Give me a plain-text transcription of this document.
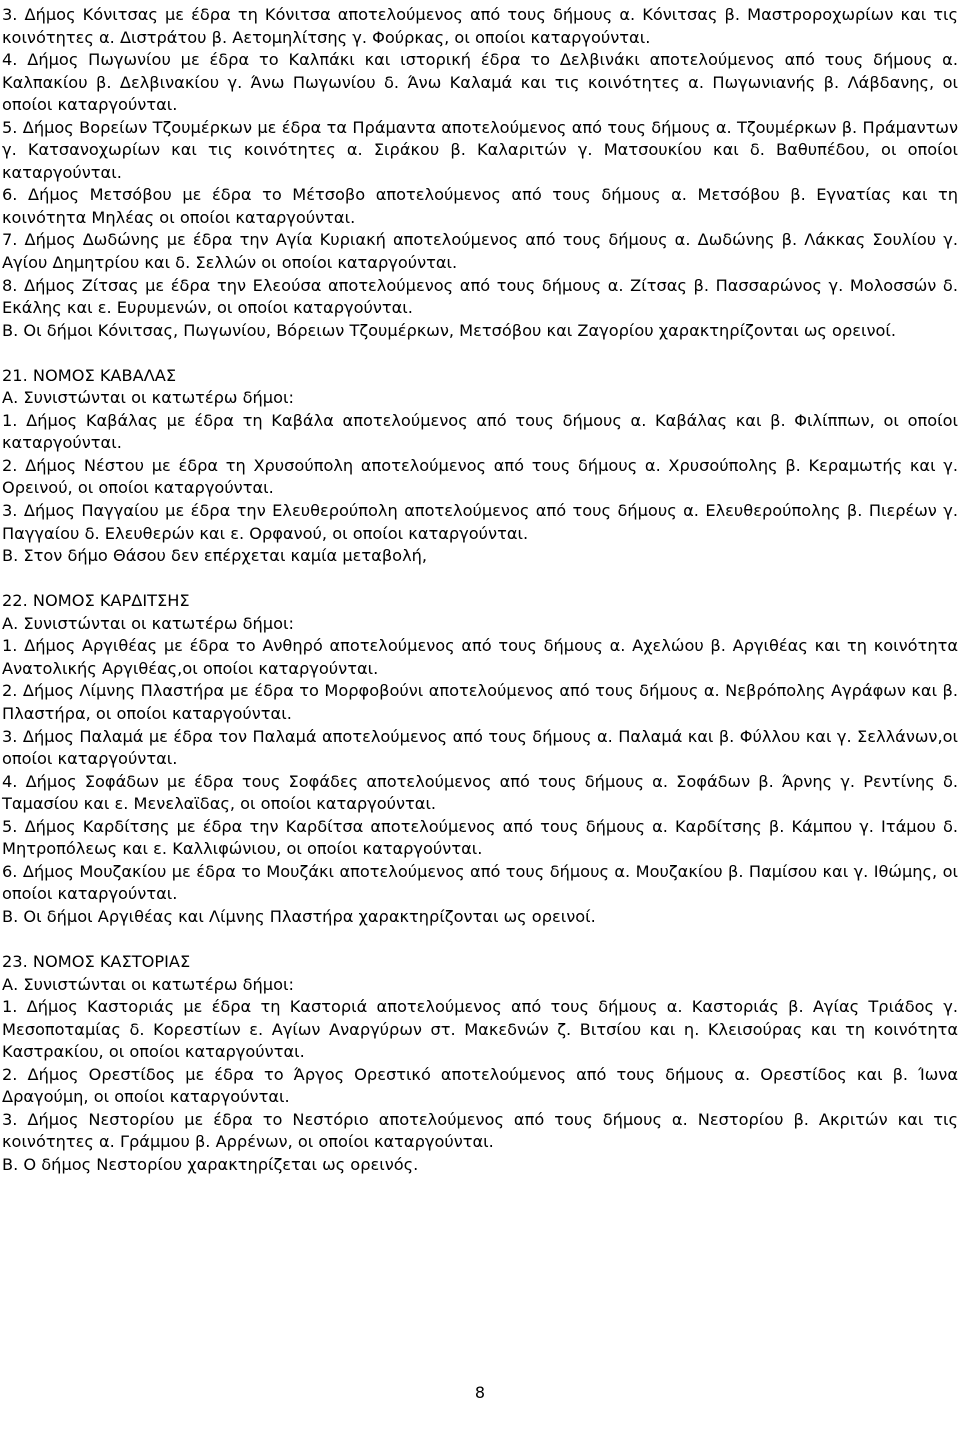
3. Δήμος Κόνιτσας με έδρα τη Κόνιτσα αποτελούμενος από τους δήμους α. Κόνιτσας β. Μαστροροχωρίων και τις κοινότητες α. Διστράτου β. Αετομηλίτσης γ. Φούρκας, οι οποίοι καταργούνται.
4. Δήμος Πωγωνίου με έδρα το Καλπάκι και ιστορική έδρα το Δελβινάκι αποτελούμενος από τους δήμους α. Καλπακίου β. Δελβινακίου γ. Άνω Πωγωνίου δ. Άνω Καλαμά και τις κοινότητες α. Πωγωνιανής β. Λάβδανης, οι οποίοι καταργούνται.
5. Δήμος Βορείων Τζουμέρκων με έδρα τα Πράμαντα αποτελούμενος από τους δήμους α. Τζουμέρκων β. Πράμαντων γ. Κατσανοχωρίων και τις κοινότητες α. Σιράκου β. Καλαριτών γ. Ματσουκίου και δ. Βαθυπέδου, οι οποίοι καταργούνται.
6. Δήμος Μετσόβου με έδρα το Μέτσοβο αποτελούμενος από τους δήμους α. Μετσόβου β. Εγνατίας και τη κοινότητα Μηλέας οι οποίοι καταργούνται.
7. Δήμος Δωδώνης με έδρα την Αγία Κυριακή αποτελούμενος από τους δήμους α. Δωδώνης β. Λάκκας Σουλίου γ. Αγίου Δημητρίου και δ. Σελλών οι οποίοι καταργούνται.
8. Δήμος Ζίτσας με έδρα την Ελεούσα αποτελούμενος από τους δήμους α. Ζίτσας β. Πασσαρώνος γ. Μολοσσών δ. Εκάλης και ε. Ευρυμενών, οι οποίοι καταργούνται.
Β. Οι δήμοι Κόνιτσας, Πωγωνίου, Βόρειων Τζουμέρκων, Μετσόβου και Ζαγορίου χαρακτηρίζονται ως ορεινοί.
21. ΝΟΜΟΣ ΚΑΒΑΛΑΣ
Α. Συνιστώνται οι κατωτέρω δήμοι:
1. Δήμος Καβάλας με έδρα τη Καβάλα αποτελούμενος από τους δήμους α. Καβάλας και β. Φιλίππων, οι οποίοι καταργούνται.
2. Δήμος Νέστου με έδρα τη Χρυσούπολη αποτελούμενος από τους δήμους α. Χρυσούπολης β. Κεραμωτής και γ. Ορεινού, οι οποίοι καταργούνται.
3. Δήμος Παγγαίου με έδρα την Ελευθερούπολη αποτελούμενος από τους δήμους α. Ελευθερούπολης β. Πιερέων γ. Παγγαίου δ. Ελευθερών και ε. Ορφανού, οι οποίοι καταργούνται.
Β. Στον δήμο Θάσου δεν επέρχεται καμία μεταβολή,
22. ΝΟΜΟΣ ΚΑΡΔΙΤΣΗΣ
Α. Συνιστώνται οι κατωτέρω δήμοι:
1. Δήμος Αργιθέας με έδρα το Ανθηρό αποτελούμενος από τους δήμους α. Αχελώου β. Αργιθέας και τη κοινότητα Ανατολικής Αργιθέας,οι οποίοι καταργούνται.
2. Δήμος Λίμνης Πλαστήρα με έδρα το Μορφοβούνι αποτελούμενος από τους δήμους α. Νεβρόπολης Αγράφων και β. Πλαστήρα, οι οποίοι καταργούνται.
3. Δήμος Παλαμά με έδρα τον Παλαμά αποτελούμενος από τους δήμους α. Παλαμά και β. Φύλλου και γ. Σελλάνων,οι οποίοι καταργούνται.
4. Δήμος Σοφάδων με έδρα τους Σοφάδες αποτελούμενος από τους δήμους α. Σοφάδων β. Άρνης γ. Ρεντίνης δ. Ταμασίου και ε. Μενελαϊδας, οι οποίοι καταργούνται.
5. Δήμος Καρδίτσης με έδρα την Καρδίτσα αποτελούμενος από τους δήμους α. Καρδίτσης β. Κάμπου γ. Ιτάμου δ. Μητροπόλεως και ε. Καλλιφώνιου, οι οποίοι καταργούνται.
6. Δήμος Μουζακίου με έδρα το Μουζάκι αποτελούμενος από τους δήμους α. Μουζακίου β. Παμίσου και γ. Ιθώμης, οι οποίοι καταργούνται.
Β. Οι δήμοι Αργιθέας και Λίμνης Πλαστήρα χαρακτηρίζονται ως ορεινοί.
23. ΝΟΜΟΣ ΚΑΣΤΟΡΙΑΣ
Α. Συνιστώνται οι κατωτέρω δήμοι:
1. Δήμος Καστοριάς με έδρα τη Καστοριά αποτελούμενος από τους δήμους α. Καστοριάς β. Αγίας Τριάδος γ. Μεσοποταμίας δ. Κορεστίων ε. Αγίων Αναργύρων στ. Μακεδνών ζ. Βιτσίου και η. Κλεισούρας και τη κοινότητα Καστρακίου, οι οποίοι καταργούνται.
2. Δήμος Ορεστίδος με έδρα το Άργος Ορεστικό αποτελούμενος από τους δήμους α. Ορεστίδος και β. Ίωνα Δραγούμη, οι οποίοι καταργούνται.
3. Δήμος Νεστορίου με έδρα το Νεστόριο αποτελούμενος από τους δήμους α. Νεστορίου β. Ακριτών και τις κοινότητες α. Γράμμου β. Αρρένων, οι οποίοι καταργούνται.
Β. Ο δήμος Νεστορίου χαρακτηρίζεται ως ορεινός.
8
